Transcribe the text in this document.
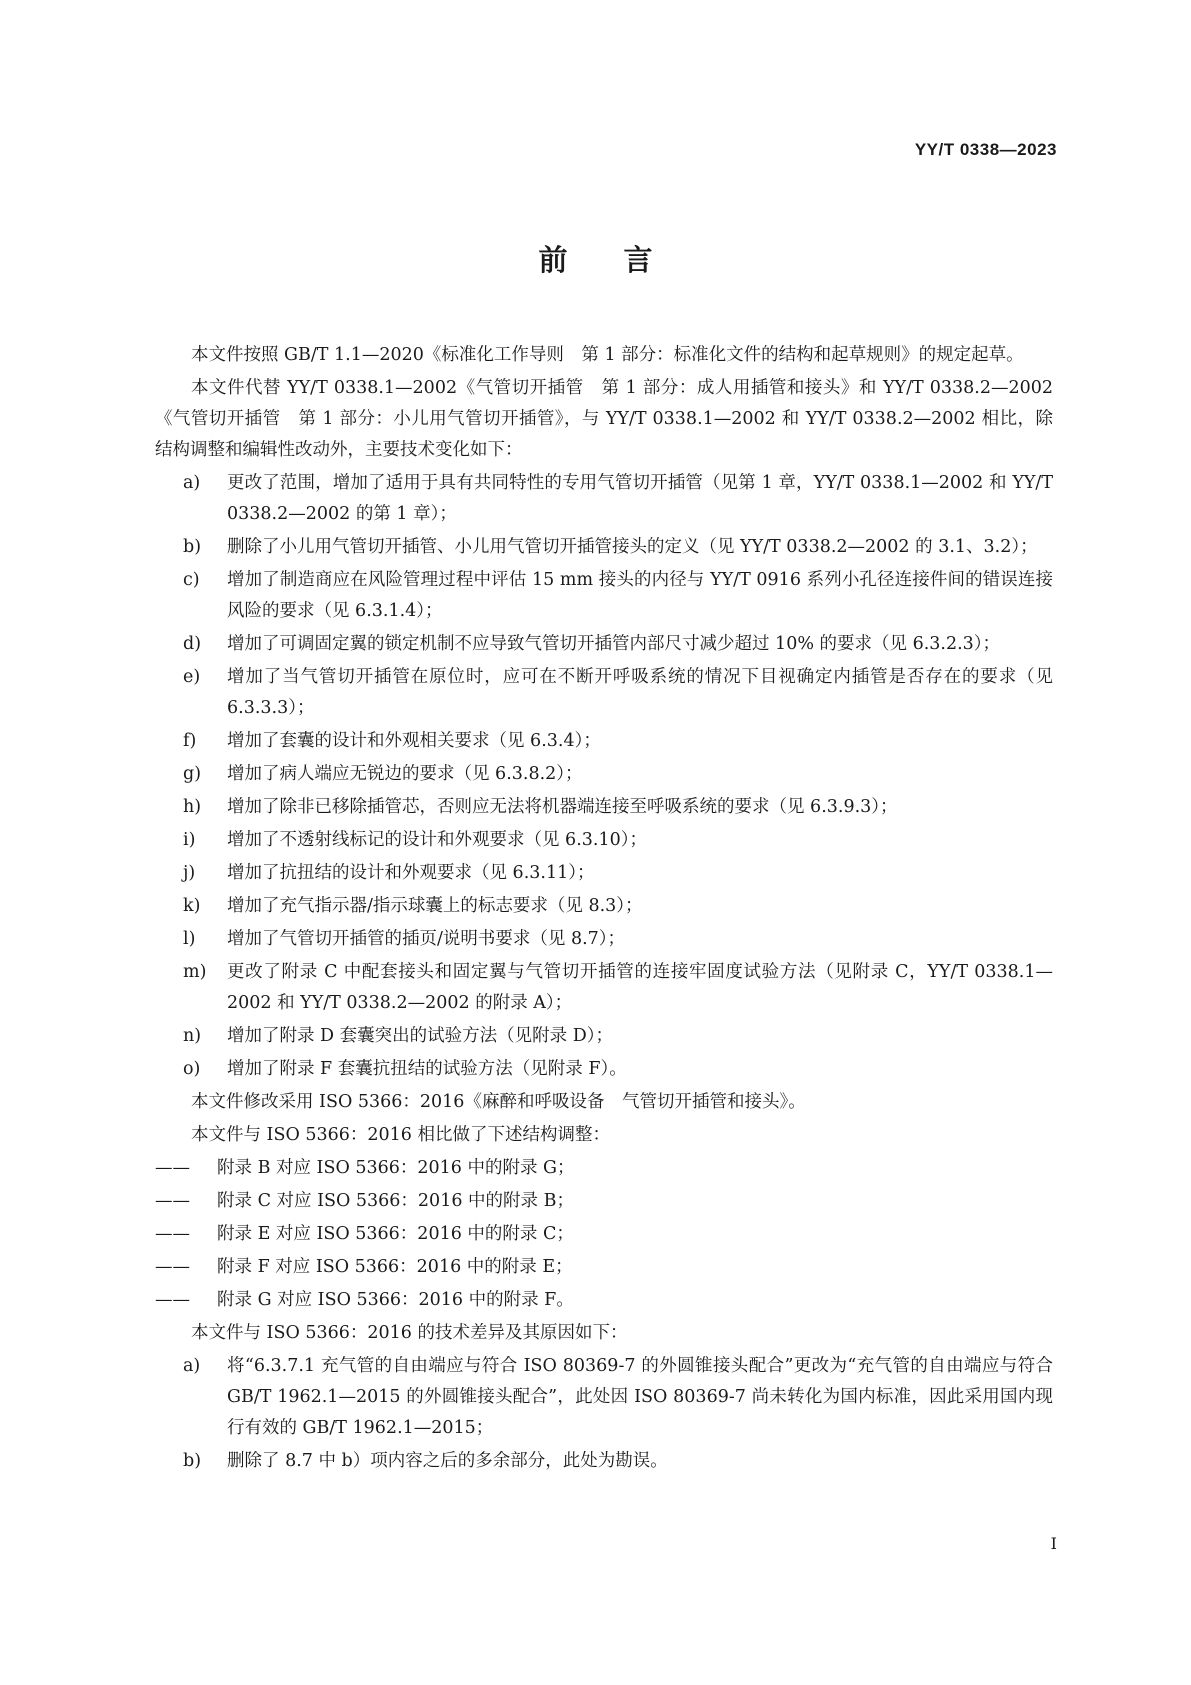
YY/T 0338—2023
前言

本文件按照 GB/T 1.1—2020《标准化工作导则　第 1 部分：标准化文件的结构和起草规则》的规定起草。

本文件代替 YY/T 0338.1—2002《气管切开插管　第 1 部分：成人用插管和接头》和 YY/T 0338.2—2002《气管切开插管　第 1 部分：小儿用气管切开插管》，与 YY/T 0338.1—2002 和 YY/T 0338.2—2002 相比，除结构调整和编辑性改动外，主要技术变化如下：

a)	更改了范围，增加了适用于具有共同特性的专用气管切开插管（见第 1 章，YY/T 0338.1—2002 和 YY/T 0338.2—2002 的第 1 章）；
b)	删除了小儿用气管切开插管、小儿用气管切开插管接头的定义（见 YY/T 0338.2—2002 的 3.1、3.2）；
c)	增加了制造商应在风险管理过程中评估 15 mm 接头的内径与 YY/T 0916 系列小孔径连接件间的错误连接风险的要求（见 6.3.1.4）；
d)	增加了可调固定翼的锁定机制不应导致气管切开插管内部尺寸减少超过 10% 的要求（见 6.3.2.3）；
e)	增加了当气管切开插管在原位时，应可在不断开呼吸系统的情况下目视确定内插管是否存在的要求（见 6.3.3.3）；
f)	增加了套囊的设计和外观相关要求（见 6.3.4）；
g)	增加了病人端应无锐边的要求（见 6.3.8.2）；
h)	增加了除非已移除插管芯，否则应无法将机器端连接至呼吸系统的要求（见 6.3.9.3）；
i)	增加了不透射线标记的设计和外观要求（见 6.3.10）；
j)	增加了抗扭结的设计和外观要求（见 6.3.11）；
k)	增加了充气指示器/指示球囊上的标志要求（见 8.3）；
l)	增加了气管切开插管的插页/说明书要求（见 8.7）；
m)	更改了附录 C 中配套接头和固定翼与气管切开插管的连接牢固度试验方法（见附录 C，YY/T 0338.1—2002 和 YY/T 0338.2—2002 的附录 A）；
n)	增加了附录 D 套囊突出的试验方法（见附录 D）；
o)	增加了附录 F 套囊抗扭结的试验方法（见附录 F）。

本文件修改采用 ISO 5366：2016《麻醉和呼吸设备　气管切开插管和接头》。

本文件与 ISO 5366：2016 相比做了下述结构调整：

——	附录 B 对应 ISO 5366：2016 中的附录 G；
——	附录 C 对应 ISO 5366：2016 中的附录 B；
——	附录 E 对应 ISO 5366：2016 中的附录 C；
——	附录 F 对应 ISO 5366：2016 中的附录 E；
——	附录 G 对应 ISO 5366：2016 中的附录 F。

本文件与 ISO 5366：2016 的技术差异及其原因如下：

a)	将“6.3.7.1 充气管的自由端应与符合 ISO 80369-7 的外圆锥接头配合”更改为“充气管的自由端应与符合 GB/T 1962.1—2015 的外圆锥接头配合”，此处因 ISO 80369-7 尚未转化为国内标准，因此采用国内现行有效的 GB/T 1962.1—2015；
b)	删除了 8.7 中 b）项内容之后的多余部分，此处为勘误。
I
